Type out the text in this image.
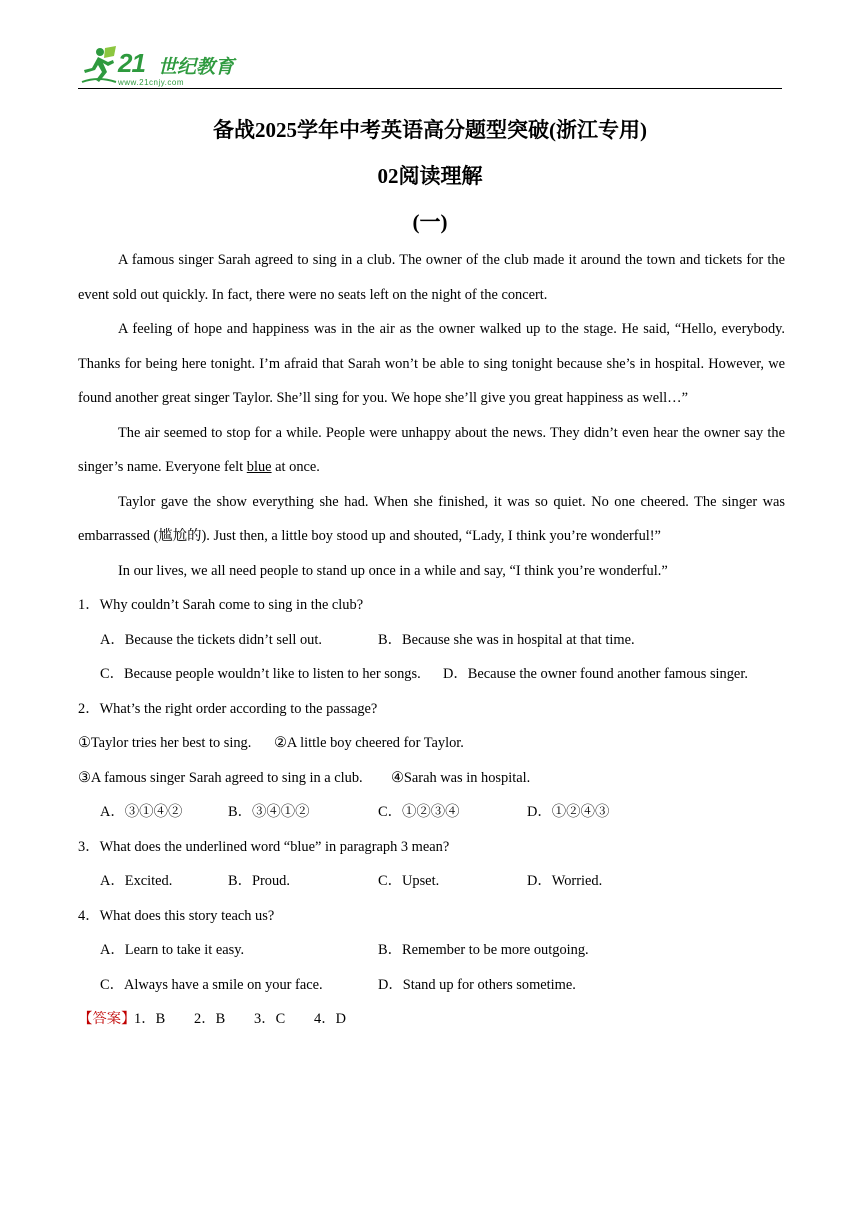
21 世纪教育
www.21cnjy.com
备战2025学年中考英语高分题型突破(浙江专用)
02阅读理解
(一)

A famous singer Sarah agreed to sing in a club. The owner of the club made it around the town and tickets for the event sold out quickly. In fact, there were no seats left on the night of the concert.

A feeling of hope and happiness was in the air as the owner walked up to the stage. He said, “Hello, everybody. Thanks for being here tonight. I’m afraid that Sarah won’t be able to sing tonight because she’s in hospital. However, we found another great singer Taylor. She’ll sing for you. We hope she’ll give you great happiness as well…”

The air seemed to stop for a while. People were unhappy about the news. They didn’t even hear the owner say the singer’s name. Everyone felt blue at once.

Taylor gave the show everything she had. When she finished, it was so quiet. No one cheered. The singer was embarrassed (尴尬的). Just then, a little boy stood up and shouted, “Lady, I think you’re wonderful!”

In our lives, we all need people to stand up once in a while and say, “I think you’re wonderful.”

1．Why couldn’t Sarah come to sing in the club?
A．Because the tickets didn’t sell out.	B．Because she was in hospital at that time.
C．Because people wouldn’t like to listen to her songs. D．Because the owner found another famous singer.
2．What’s the right order according to the passage?
①Taylor tries her best to sing. ②A little boy cheered for Taylor.
③A famous singer Sarah agreed to sing in a club. ④Sarah was in hospital.
A．③①④②	B．③④①②	C．①②③④	D．①②④③
3．What does the underlined word “blue” in paragraph 3 mean?
A．Excited.	B．Proud.	C．Upset.	D．Worried.
4．What does this story teach us?
A．Learn to take it easy.	B．Remember to be more outgoing.
C．Always have a smile on your face.	D．Stand up for others sometime.
【答案】
1．B 2．B 3．C 4．D
